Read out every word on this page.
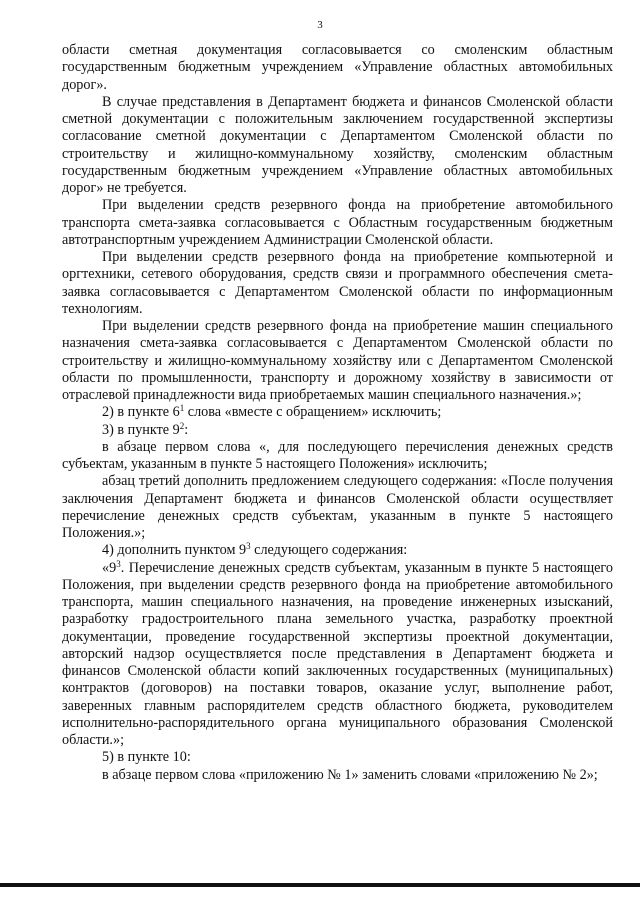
3

области сметная документация согласовывается со смоленским областным государственным бюджетным учреждением «Управление областных автомобильных дорог».

В случае представления в Департамент бюджета и финансов Смоленской области сметной документации с положительным заключением государственной экспертизы согласование сметной документации с Департаментом Смоленской области по строительству и жилищно-коммунальному хозяйству, смоленским областным государственным бюджетным учреждением «Управление областных автомобильных дорог» не требуется.

При выделении средств резервного фонда на приобретение автомобильного транспорта смета-заявка согласовывается с Областным государственным бюджетным автотранспортным учреждением Администрации Смоленской области.

При выделении средств резервного фонда на приобретение компьютерной и оргтехники, сетевого оборудования, средств связи и программного обеспечения смета-заявка согласовывается с Департаментом Смоленской области по информационным технологиям.

При выделении средств резервного фонда на приобретение машин специального назначения смета-заявка согласовывается с Департаментом Смоленской области по строительству и жилищно-коммунальному хозяйству или с Департаментом Смоленской области по промышленности, транспорту и дорожному хозяйству в зависимости от отраслевой принадлежности вида приобретаемых машин специального назначения.»;

2) в пункте $6^1$ слова «вместе с обращением» исключить;

3) в пункте $9^2$:

в абзаце первом слова «, для последующего перечисления денежных средств субъектам, указанным в пункте 5 настоящего Положения» исключить;

абзац третий дополнить предложением следующего содержания: «После получения заключения Департамент бюджета и финансов Смоленской области осуществляет перечисление денежных средств субъектам, указанным в пункте 5 настоящего Положения.»;

4) дополнить пунктом $9^3$ следующего содержания:

«$9^3$. Перечисление денежных средств субъектам, указанным в пункте 5 настоящего Положения, при выделении средств резервного фонда на приобретение автомобильного транспорта, машин специального назначения, на проведение инженерных изысканий, разработку градостроительного плана земельного участка, разработку проектной документации, проведение государственной экспертизы проектной документации, авторский надзор осуществляется после представления в Департамент бюджета и финансов Смоленской области копий заключенных государственных (муниципальных) контрактов (договоров) на поставки товаров, оказание услуг, выполнение работ, заверенных главным распорядителем средств областного бюджета, руководителем исполнительно-распорядительного органа муниципального образования Смоленской области.»;

5) в пункте 10:

в абзаце первом слова «приложению № 1» заменить словами «приложению № 2»;
